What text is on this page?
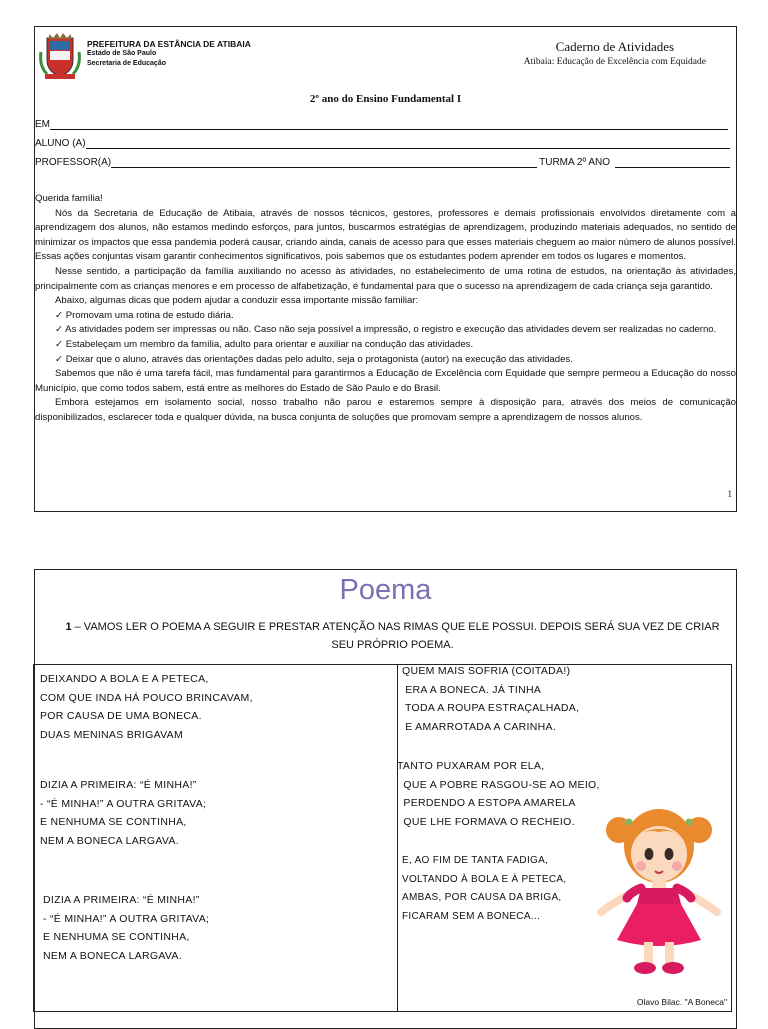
PREFEITURA DA ESTÂNCIA DE ATIBAIA
Estado de São Paulo
Secretaria de Educação
Caderno de Atividades
Atibaia: Educação de Excelência com Equidade
2º ano do Ensino Fundamental I
EM
ALUNO (A)
PROFESSOR(A)	TURMA 2º ANO

Querida família!

Nós da Secretaria de Educação de Atibaia, através de nossos técnicos, gestores, professores e demais profissionais envolvidos diretamente com a aprendizagem dos alunos, não estamos medindo esforços, para juntos, buscarmos estratégias de aprendizagem, produzindo materiais adequados, no sentido de minimizar os impactos que essa pandemia poderá causar, criando ainda, canais de acesso para que esses materiais cheguem ao maior número de alunos possível. Essas ações conjuntas visam garantir conhecimentos significativos, pois sabemos que os estudantes podem aprender em todos os lugares e momentos.

Nesse sentido, a participação da família auxiliando no acesso às atividades, no estabelecimento de uma rotina de estudos, na orientação às atividades, principalmente com as crianças menores e em processo de alfabetização, é fundamental para que o sucesso na aprendizagem de cada criança seja garantido.

Abaixo, algumas dicas que podem ajudar a conduzir essa importante missão familiar:

✓ Promovam uma rotina de estudo diária.

✓ As atividades podem ser impressas ou não. Caso não seja possível a impressão, o registro e execução das atividades devem ser realizadas no caderno.

✓ Estabeleçam um membro da família, adulto para orientar e auxiliar na condução das atividades.

✓ Deixar que o aluno, através das orientações dadas pelo adulto, seja o protagonista (autor) na execução das atividades.

Sabemos que não é uma tarefa fácil, mas fundamental para garantirmos a Educação de Excelência com Equidade que sempre permeou a Educação do nosso Município, que como todos sabem, está entre as melhores do Estado de São Paulo e do Brasil.

Embora estejamos em isolamento social, nosso trabalho não parou e estaremos sempre à disposição para, através dos meios de comunicação disponibilizados, esclarecer toda e qualquer dúvida, na busca conjunta de soluções que promovam sempre a aprendizagem de nossos alunos.

1
Poema
1 – VAMOS LER O POEMA A SEGUIR E PRESTAR ATENÇÃO NAS RIMAS QUE ELE POSSUI. DEPOIS SERÁ SUA VEZ DE CRIAR SEU PRÓPRIO POEMA.
DEIXANDO A BOLA E A PETECA,
COM QUE INDA HÁ POUCO BRINCAVAM,
POR CAUSA DE UMA BONECA.
DUAS MENINAS BRIGAVAM
DIZIA A PRIMEIRA: “É MINHA!”
- “É MINHA!” A OUTRA GRITAVA;
E NENHUMA SE CONTINHA,
NEM A BONECA LARGAVA.
DIZIA A PRIMEIRA: “É MINHA!”
- “É MINHA!” A OUTRA GRITAVA;
E NENHUMA SE CONTINHA,
NEM A BONECA LARGAVA.
QUEM MAIS SOFRIA (COITADA!)
ERA A BONECA. JÁ TINHA
TODA A ROUPA ESTRAÇALHADA,
E AMARROTADA A CARINHA.
TANTO PUXARAM POR ELA,
QUE A POBRE RASGOU-SE AO MEIO,
PERDENDO A ESTOPA AMARELA
QUE LHE FORMAVA O RECHEIO.
E, AO FIM DE TANTA FADIGA,
VOLTANDO À BOLA E À PETECA,
AMBAS, POR CAUSA DA BRIGA,
FICARAM SEM A BONECA...
Olavo Bilac. "A Boneca"
